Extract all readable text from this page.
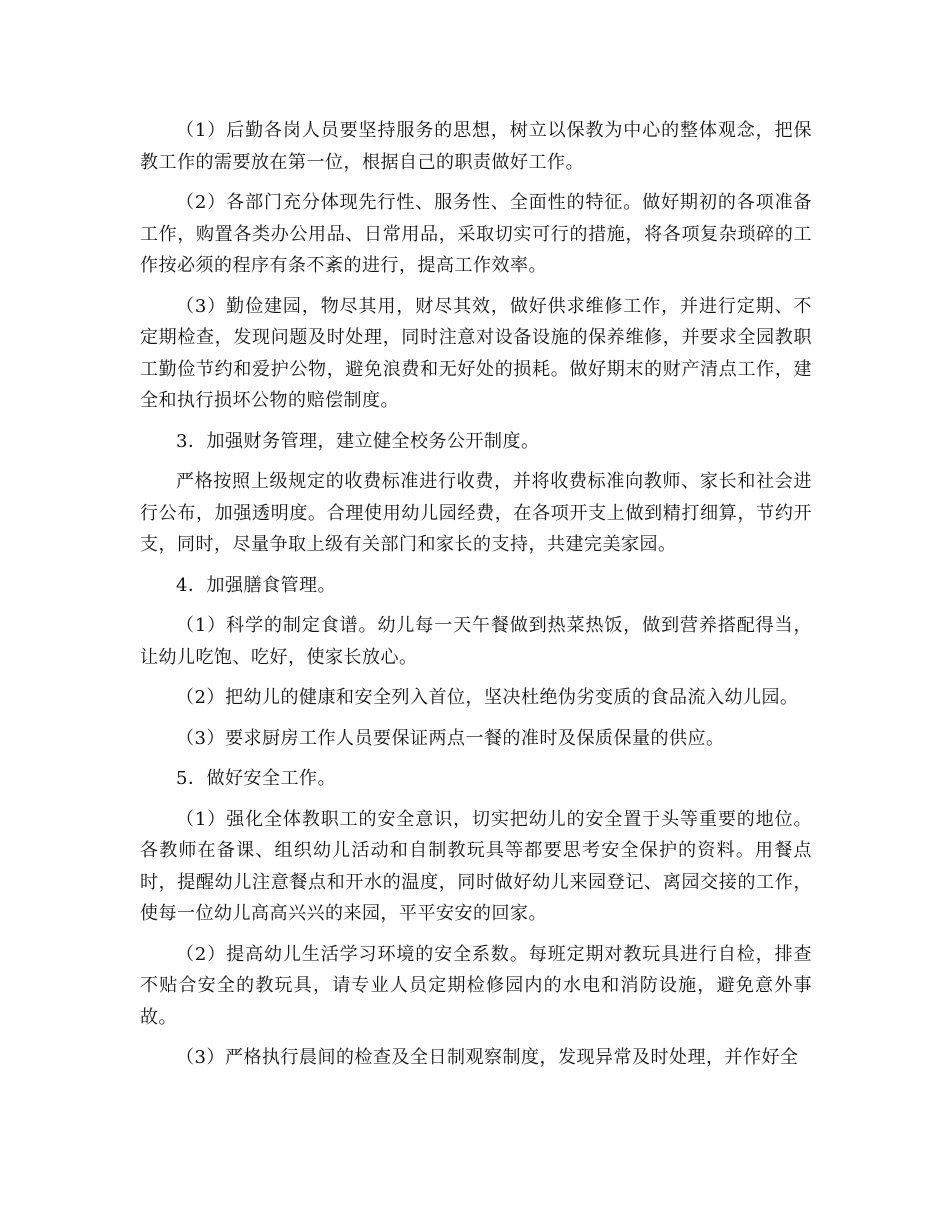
（1）后勤各岗人员要坚持服务的思想，树立以保教为中心的整体观念，把保教工作的需要放在第一位，根据自己的职责做好工作。

（2）各部门充分体现先行性、服务性、全面性的特征。做好期初的各项准备工作，购置各类办公用品、日常用品，采取切实可行的措施，将各项复杂琐碎的工作按必须的程序有条不紊的进行，提高工作效率。

（3）勤俭建园，物尽其用，财尽其效，做好供求维修工作，并进行定期、不定期检查，发现问题及时处理，同时注意对设备设施的保养维修，并要求全园教职工勤俭节约和爱护公物，避免浪费和无好处的损耗。做好期末的财产清点工作，建全和执行损坏公物的赔偿制度。

3．加强财务管理，建立健全校务公开制度。

严格按照上级规定的收费标准进行收费，并将收费标准向教师、家长和社会进行公布，加强透明度。合理使用幼儿园经费，在各项开支上做到精打细算，节约开支，同时，尽量争取上级有关部门和家长的支持，共建完美家园。

4．加强膳食管理。

（1）科学的制定食谱。幼儿每一天午餐做到热菜热饭，做到营养搭配得当，让幼儿吃饱、吃好，使家长放心。

（2）把幼儿的健康和安全列入首位，坚决杜绝伪劣变质的食品流入幼儿园。

（3）要求厨房工作人员要保证两点一餐的准时及保质保量的供应。

5．做好安全工作。

（1）强化全体教职工的安全意识，切实把幼儿的安全置于头等重要的地位。各教师在备课、组织幼儿活动和自制教玩具等都要思考安全保护的资料。用餐点时，提醒幼儿注意餐点和开水的温度，同时做好幼儿来园登记、离园交接的工作，使每一位幼儿高高兴兴的来园，平平安安的回家。

（2）提高幼儿生活学习环境的安全系数。每班定期对教玩具进行自检，排查不贴合安全的教玩具，请专业人员定期检修园内的水电和消防设施，避免意外事故。

（3）严格执行晨间的检查及全日制观察制度，发现异常及时处理，并作好全
